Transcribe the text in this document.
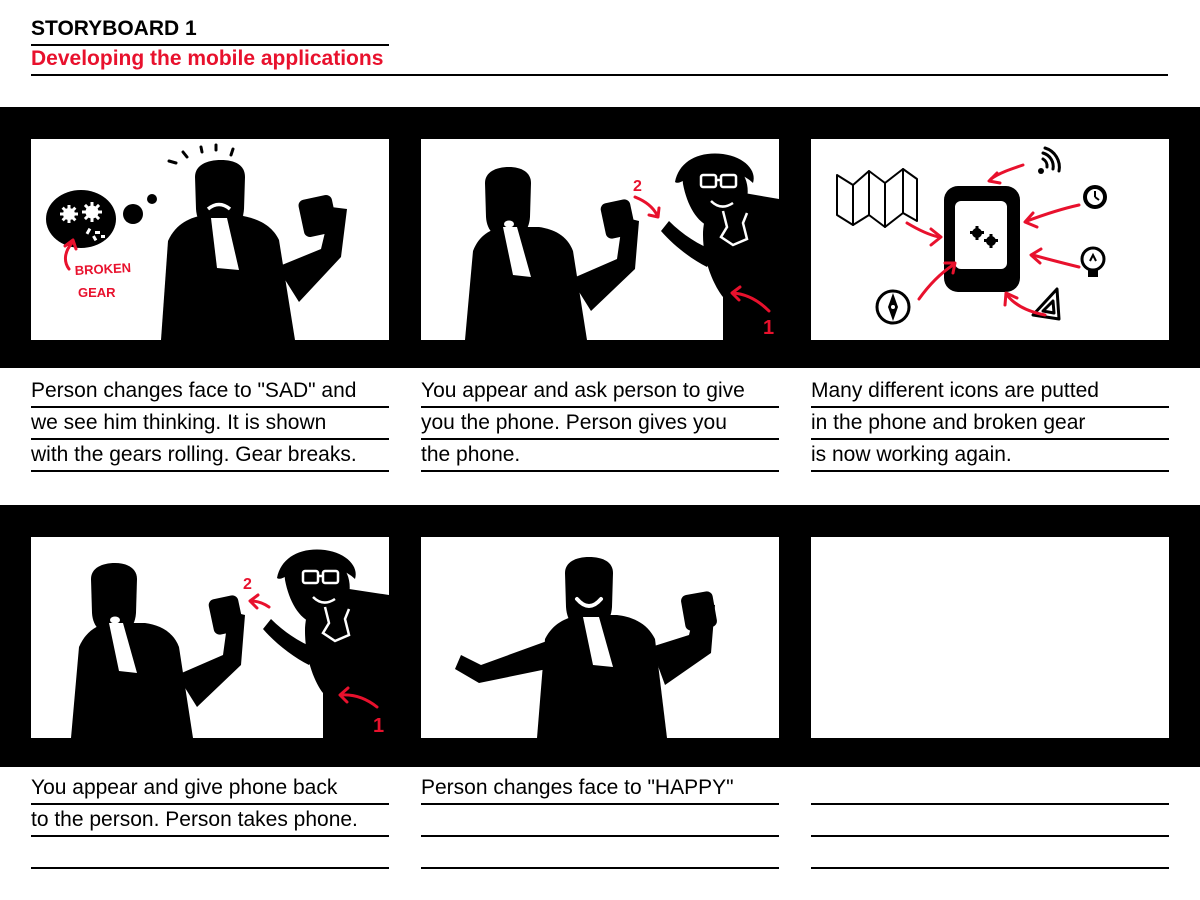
STORYBOARD 1
Developing the mobile applications
BROKEN
GEAR
2
1
2
1
Person changes face to "SAD" and
we see him thinking. It is shown
with the gears rolling. Gear breaks.
You appear and ask person to give
you the phone. Person gives you
the phone.
Many different icons are putted
in the phone and broken gear
is now working again.
You appear and give phone back
to the person. Person takes phone.
Person changes face to "HAPPY"
